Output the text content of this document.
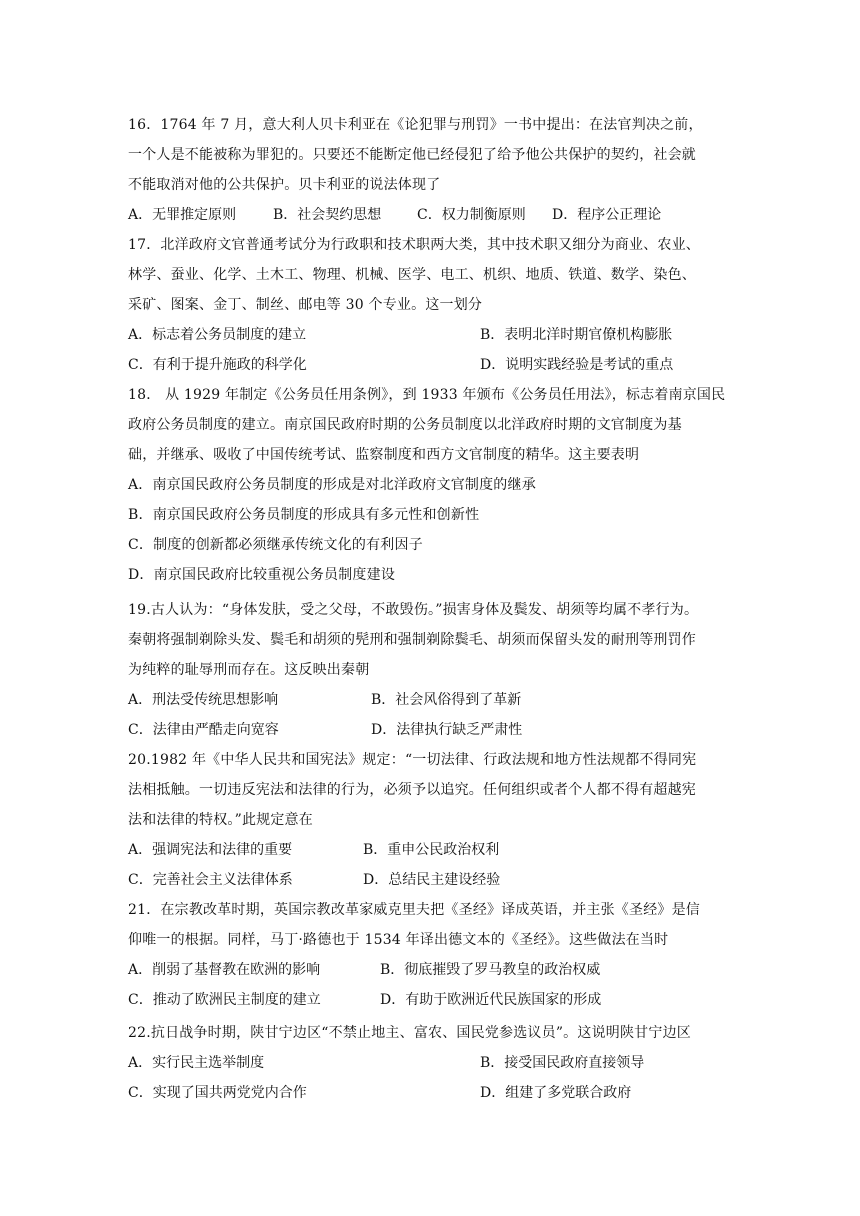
16．1764 年 7 月，意大利人贝卡利亚在《论犯罪与刑罚》一书中提出：在法官判决之前，
一个人是不能被称为罪犯的。只要还不能断定他已经侵犯了给予他公共保护的契约，社会就
不能取消对他的公共保护。贝卡利亚的说法体现了
A．无罪推定原则	B．社会契约思想	C．权力制衡原则 D．程序公正理论
17．北洋政府文官普通考试分为行政职和技术职两大类，其中技术职又细分为商业、农业、
林学、蚕业、化学、土木工、物理、机械、医学、电工、机织、地质、铁道、数学、染色、
采矿、图案、金丁、制丝、邮电等 30 个专业。这一划分
A．标志着公务员制度的建立	B．表明北洋时期官僚机构膨胀
C．有利于提升施政的科学化	D．说明实践经验是考试的重点
18． 从 1929 年制定《公务员任用条例》，到 1933 年颁布《公务员任用法》，标志着南京国民
政府公务员制度的建立。南京国民政府时期的公务员制度以北洋政府时期的文官制度为基
础，并继承、吸收了中国传统考试、监察制度和西方文官制度的精华。这主要表明
A．南京国民政府公务员制度的形成是对北洋政府文官制度的继承
B．南京国民政府公务员制度的形成具有多元性和创新性
C．制度的创新都必须继承传统文化的有利因子
D．南京国民政府比较重视公务员制度建设
19.古人认为：“身体发肤，受之父母，不敢毁伤。”损害身体及鬓发、胡须等均属不孝行为。
秦朝将强制剃除头发、鬓毛和胡须的髡刑和强制剃除鬓毛、胡须而保留头发的耐刑等刑罚作
为纯粹的耻辱刑而存在。这反映出秦朝
A．刑法受传统思想影响	B．社会风俗得到了革新
C．法律由严酷走向宽容	D．法律执行缺乏严肃性
20.1982 年《中华人民共和国宪法》规定：“一切法律、行政法规和地方性法规都不得同宪
法相抵触。一切违反宪法和法律的行为，必须予以追究。任何组织或者个人都不得有超越宪
法和法律的特权。”此规定意在
A．强调宪法和法律的重要	B．重申公民政治权利
C．完善社会主义法律体系	D．总结民主建设经验
21．在宗教改革时期，英国宗教改革家威克里夫把《圣经》译成英语，并主张《圣经》是信
仰唯一的根据。同样，马丁·路德也于 1534 年译出德文本的《圣经》。这些做法在当时
A．削弱了基督教在欧洲的影响	B．彻底摧毁了罗马教皇的政治权威
C．推动了欧洲民主制度的建立	D．有助于欧洲近代民族国家的形成
22.抗日战争时期，陕甘宁边区“不禁止地主、富农、国民党参选议员”。这说明陕甘宁边区
A．实行民主选举制度	B．接受国民政府直接领导
C．实现了国共两党党内合作	D．组建了多党联合政府
